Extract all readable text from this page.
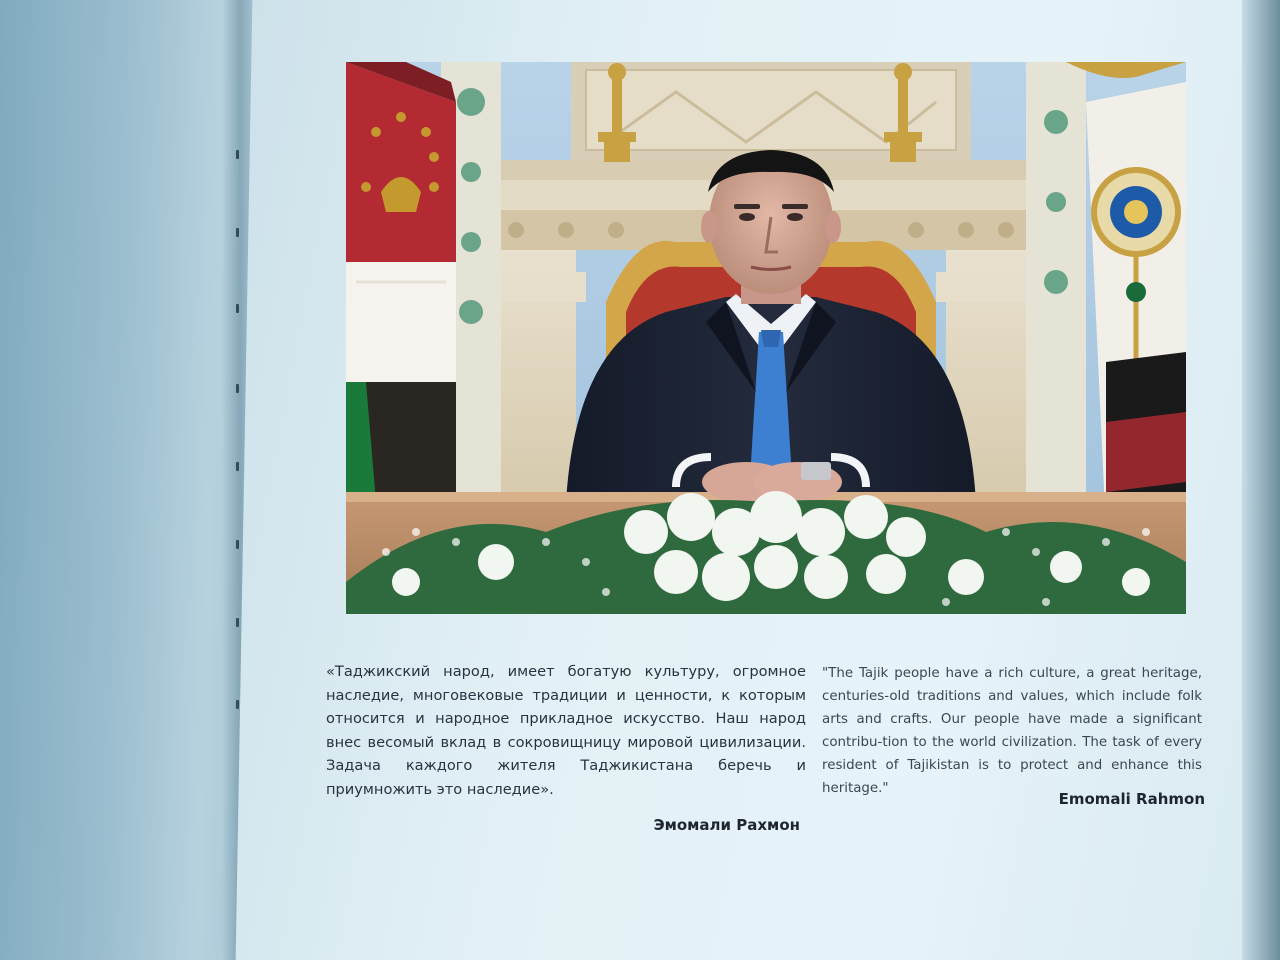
«Таджикский народ, имеет богатую культуру, огромное наследие, многовековые традиции и ценности, к которым относится и народное прикладное искусство. Наш народ внес весомый вклад в сокровищницу мировой цивилизации. Задача каждого жителя Таджикистана беречь и приумножить это наследие».
Эмомали Рахмон
"The Tajik people have a rich culture, a great heritage, centuries-old traditions and values, which include folk arts and crafts. Our people have made a significant contribu-tion to the world civilization. The task of every resident of Tajikistan is to protect and enhance this heritage."
Emomali Rahmon
